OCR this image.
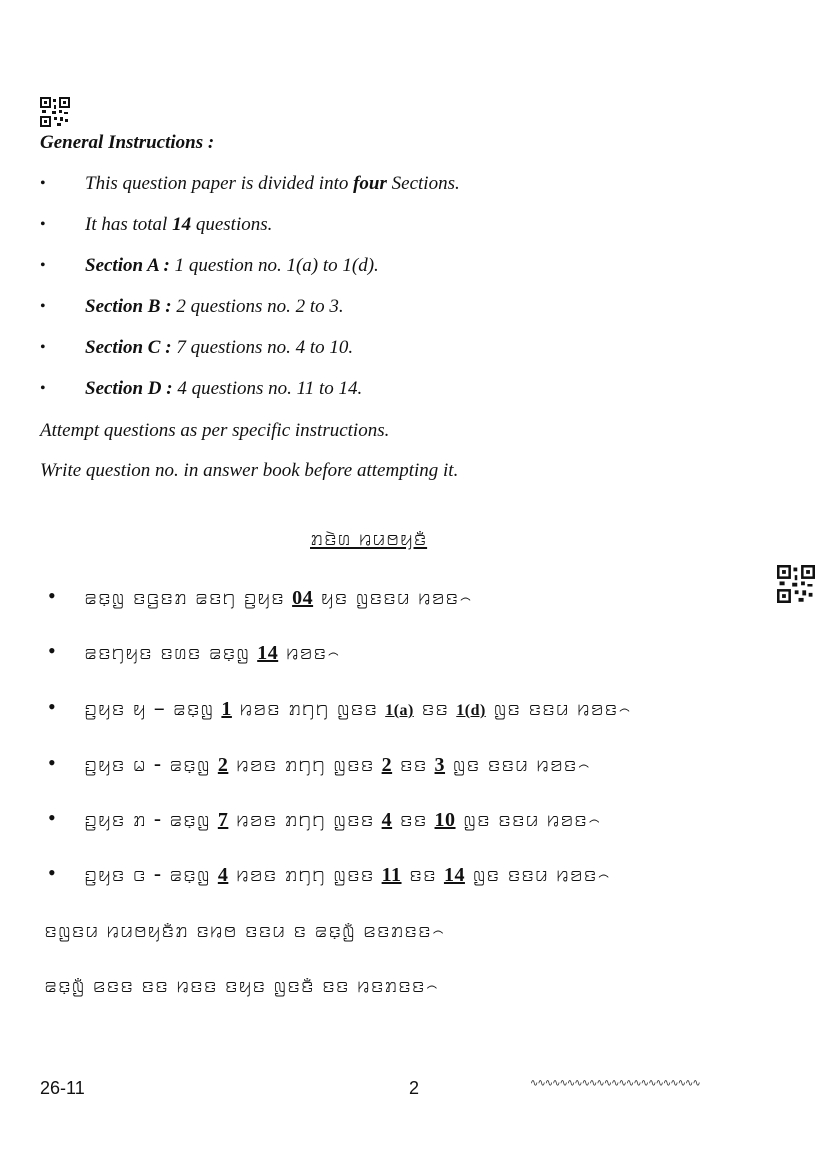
General Instructions :
• This question paper is divided into four Sections.
• It has total 14 questions.
• Section A : 1 question no. 1(a) to 1(d).
• Section B : 2 questions no. 2 to 3.
• Section C : 7 questions no. 4 to 10.
• Section D : 4 questions no. 11 to 14.
Attempt questions as per specific instructions.
Write question no. in answer book before attempting it.
ꤊꤢꤧꤛ ꤙꤣꤥꤟꤢꤪ
• ꤘꤢ꤫ꤜ ꤢꤞꤢꤊ ꤘꤢꤚ ꤑꤟꤢ 04 ꤟꤢ ꤜꤢꤢꤣ ꤙꤤꤢ꤮
• ꤘꤢꤚꤟꤢ ꤢꤛꤢ ꤘꤢ꤫ꤜ 14 ꤙꤤꤢ꤮
• ꤑꤟꤢ ꤟ – ꤘꤢ꤫ꤜ 1 ꤙꤤꤢ ꤊꤚꤚ ꤜꤢꤢ 1(a) ꤢꤢ 1(d) ꤜꤢ ꤢꤢꤣ ꤙꤤꤢ꤮
• ꤑꤟꤢ ꤗ - ꤘꤢ꤫ꤜ 2 ꤙꤤꤢ ꤊꤚꤚ ꤜꤢꤢ 2 ꤢꤢ 3 ꤜꤢ ꤢꤢꤣ ꤙꤤꤢ꤮
• ꤑꤟꤢ ꤊ - ꤘꤢ꤫ꤜ 7 ꤙꤤꤢ ꤊꤚꤚ ꤜꤢꤢ 4 ꤢꤢ 10 ꤜꤢ ꤢꤢꤣ ꤙꤤꤢ꤮
• ꤑꤟꤢ ꤍ - ꤘꤢ꤫ꤜ 4 ꤙꤤꤢ ꤊꤚꤚ ꤜꤢꤢ 11 ꤢꤢ 14 ꤜꤢ ꤢꤢꤣ ꤙꤤꤢ꤮
ꤢꤜꤢꤣ ꤙꤣꤥꤟꤢꤪꤊ ꤢꤙꤥ ꤢꤢꤣ ꤢ ꤘꤢ꤫ꤜꤪ ꤕꤢꤊꤢꤢ꤮
ꤘꤢ꤫ꤜꤪ ꤕꤢꤢ ꤢꤢ ꤙꤢꤢ ꤢꤟꤢ ꤜꤢꤢꤪ ꤢꤢ ꤙꤢꤊꤢꤢ꤮
26-11	2	∿∿∿∿∿∿∿∿∿∿∿∿∿∿∿∿∿∿∿∿∿∿∿
